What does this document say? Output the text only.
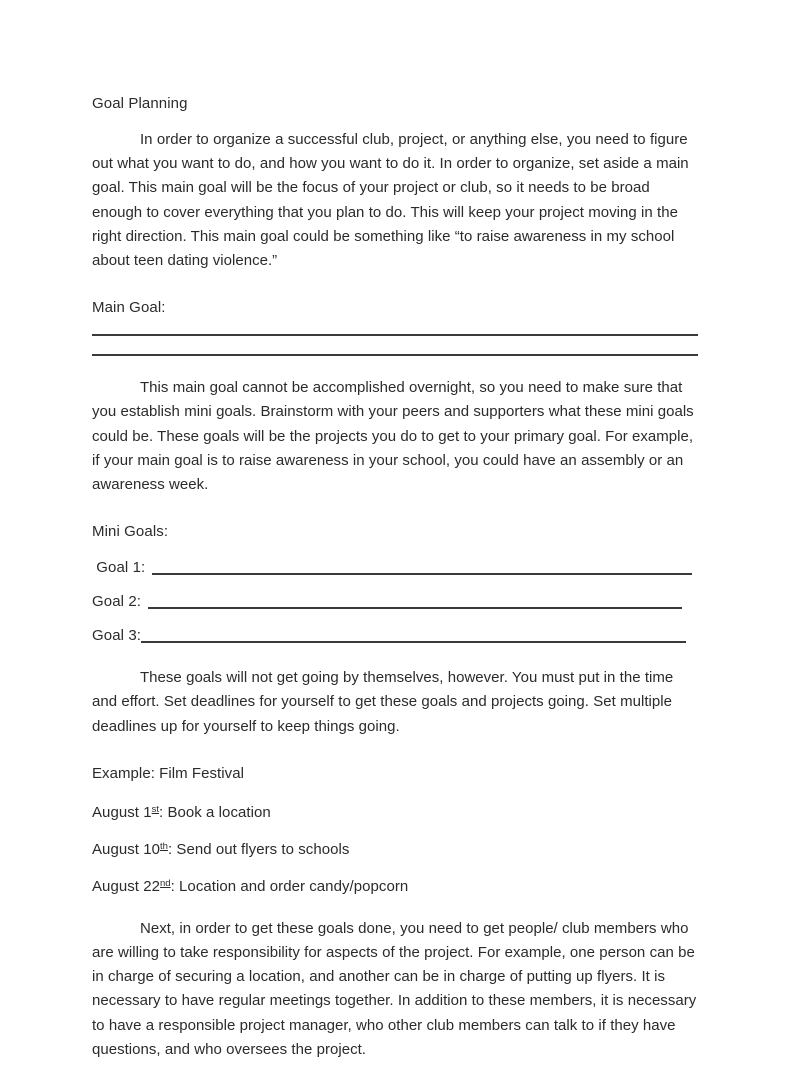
Goal Planning

In order to organize a successful club, project, or anything else, you need to figure out what you want to do, and how you want to do it. In order to organize, set aside a main goal. This main goal will be the focus of your project or club, so it needs to be broad enough to cover everything that you plan to do. This will keep your project moving in the right direction. This main goal could be something like “to raise awareness in my school about teen dating violence.”

Main Goal:

This main goal cannot be accomplished overnight, so you need to make sure that you establish mini goals. Brainstorm with your peers and supporters what these mini goals could be. These goals will be the projects you do to get to your primary goal. For example, if your main goal is to raise awareness in your school, you could have an assembly or an awareness week.

Mini Goals:

Goal 1:
Goal 2:
Goal 3:

These goals will not get going by themselves, however. You must put in the time and effort. Set deadlines for yourself to get these goals and projects going. Set multiple deadlines up for yourself to keep things going.

Example: Film Festival

August 1st: Book a location

August 10th: Send out flyers to schools

August 22nd: Location and order candy/popcorn

Next, in order to get these goals done, you need to get people/ club members who are willing to take responsibility for aspects of the project. For example, one person can be in charge of securing a location, and another can be in charge of putting up flyers. It is necessary to have regular meetings together. In addition to these members, it is necessary to have a responsible project manager, who other club members can talk to if they have questions, and who oversees the project.
